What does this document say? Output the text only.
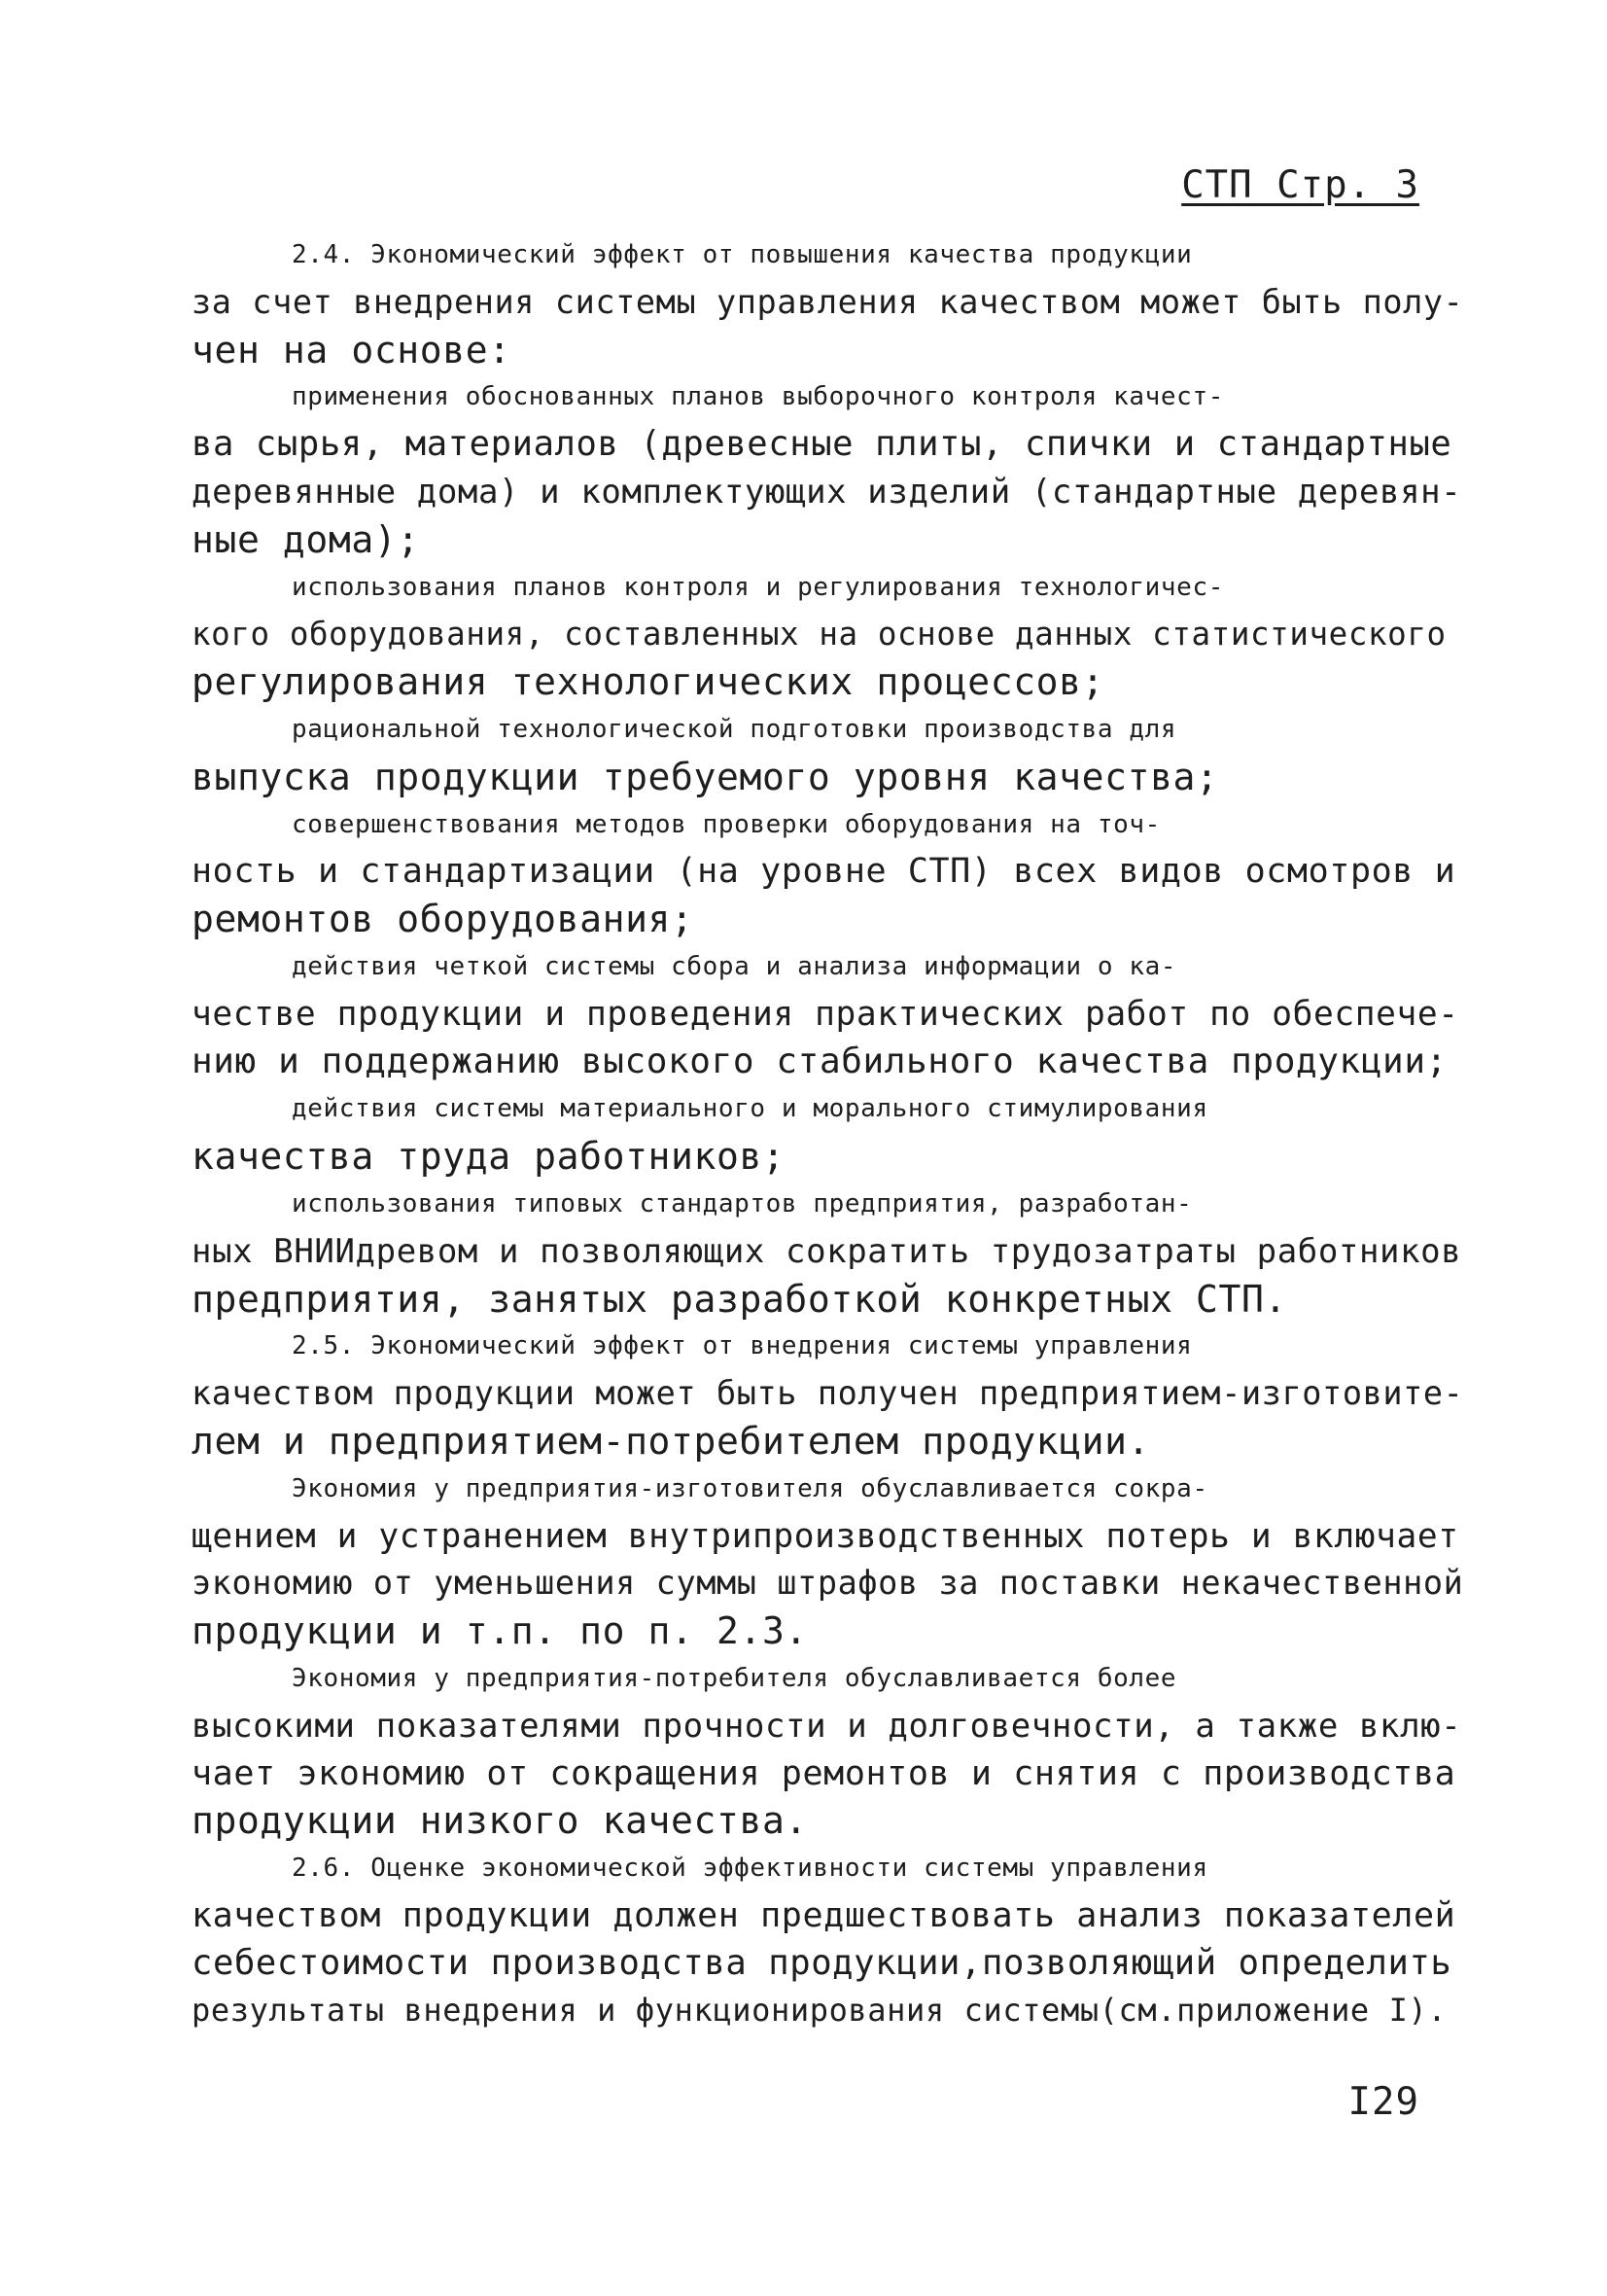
СТП Стр. 3
2.4. Экономический эффект от повышения качества продукции
за счет внедрения системы управления качеством может быть полу-
чен на основе:
применения обоснованных планов выборочного контроля качест-
ва сырья, материалов (древесные плиты, спички и стандартные
деревянные дома) и комплектующих изделий (стандартные деревян-
ные дома);
использования планов контроля и регулирования технологичес-
кого оборудования, составленных на основе данных статистического
регулирования технологических процессов;
рациональной технологической подготовки производства для
выпуска продукции требуемого уровня качества;
совершенствования методов проверки оборудования на точ-
ность и стандартизации (на уровне СТП) всех видов осмотров и
ремонтов оборудования;
действия четкой системы сбора и анализа информации о ка-
честве продукции и проведения практических работ по обеспече-
нию и поддержанию высокого стабильного качества продукции;
действия системы материального и морального стимулирования
качества труда работников;
использования типовых стандартов предприятия, разработан-
ных ВНИИдревом и позволяющих сократить трудозатраты работников
предприятия, занятых разработкой конкретных СТП.
2.5. Экономический эффект от внедрения системы управления
качеством продукции может быть получен предприятием-изготовите-
лем и предприятием-потребителем продукции.
Экономия у предприятия-изготовителя обуславливается сокра-
щением и устранением внутрипроизводственных потерь и включает
экономию от уменьшения суммы штрафов за поставки некачественной
продукции и т.п. по п. 2.3.
Экономия у предприятия-потребителя обуславливается более
высокими показателями прочности и долговечности, а также вклю-
чает экономию от сокращения ремонтов и снятия с производства
продукции низкого качества.
2.6. Оценке экономической эффективности системы управления
качеством продукции должен предшествовать анализ показателей
себестоимости производства продукции,позволяющий определить
результаты внедрения и функционирования системы(см.приложение I).
I29
